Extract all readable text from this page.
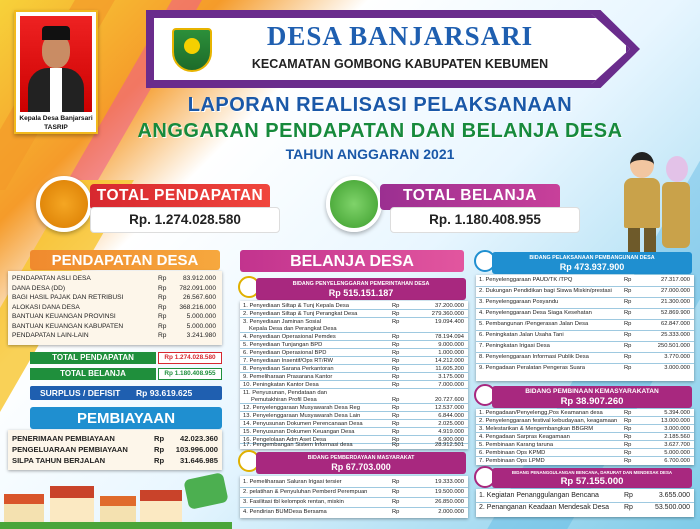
Kepala Desa Banjarsari
TASRIP
DESA BANJARSARI
KECAMATAN GOMBONG KABUPATEN KEBUMEN
LAPORAN REALISASI PELAKSANAAN
ANGGARAN PENDAPATAN DAN BELANJA DESA
TAHUN ANGGARAN 2021
TOTAL PENDAPATAN
Rp. 1.274.028.580
TOTAL BELANJA
Rp. 1.180.408.955
PENDAPATAN DESA
PENDAPATAN ASLI DESA	Rp	83.912.000
DANA DESA (DD)	Rp	782.091.000
BAGI HASIL PAJAK DAN RETRIBUSI	Rp	26.567.600
ALOKASI DANA DESA	Rp	368.216.000
BANTUAN KEUANGAN PROVINSI	Rp	5.000.000
BANTUAN KEUANGAN KABUPATEN	Rp	5.000.000
PENDAPATAN LAIN-LAIN	Rp	3.241.980
TOTAL PENDAPATAN	Rp 1.274.028.580
TOTAL BELANJA	Rp 1.180.408.955
SURPLUS / DEFISIT Rp 93.619.625
PEMBIAYAAN
PENERIMAAN PEMBIAYAAN	Rp	42.023.360
PENGELUARAAN PEMBIAYAAN	Rp	103.996.000
SILPA TAHUN BERJALAN	Rp	31.646.985
BELANJA DESA
BIDANG PENYELENGGARAN PEMERINTAHAN DESA
Rp 515.151.187
1. Penyediaan Siltap & Tunj Kepala Desa	Rp	37.200.000
2. Penyediaan Siltap & Tunj Perangkat Desa	Rp	279.360.000
3. Penyediaan Jaminan Sosial
Kepala Desa dan Perangkat Desa
Rp	19.094.400
4. Penyediaan Operasional Pemdes	Rp	78.194.094
5. Penyediaan Tunjangan BPD	Rp	9.000.000
6. Penyediaan Operasional BPD	Rp	1.000.000
7. Penyediaan Insentif/Ops RT/RW	Rp	14.212.000
8. Penyediaan Sarana Perkantoran	Rp	11.605.200
9. Pemeliharaan Prasarana Kantor	Rp	3.175.000
10. Peningkatan Kantor Desa	Rp	7.000.000
11. Penyusunan, Pendataan dan
Pemutakhiran Profil Desa	Rp	20.727.600
12. Penyelenggaraan Musyawarah Desa Reg	Rp	12.537.000
13. Penyelenggaraan Musyawarah Desa Lain	Rp	6.844.000
14. Penyusunan Dokumen Perencanaan Desa	Rp	2.025.000
15. Penyusunan Dokumen Keuangan Desa	Rp	4.919.000
16. Pengelolaan Adm Aset Desa	Rp	6.900.000
17. Pengembangan Sistem Informasi desa	Rp	28.912.501
BIDANG PEMBERDAYAAN MASYARAKAT
Rp 67.703.000
1. Pemeliharaan Saluran Irigasi tersier	Rp	19.333.000
2. pelatihan & Penyuluhan Pemberd Perempuan	Rp	19.500.000
3. Fasilitasi tbl kelompok rentan, miskin	Rp	26.850.000
4. Pendirian BUMDesa Bersama	Rp	2.000.000
BIDANG PELAKSANAAN PEMBANGUNAN DESA
Rp 473.937.900
1. Penyelenggaraan PAUD/TK /TPQ	Rp	27.317.000
2. Dukungan Pendidikan bagi Siswa Miskin/prestasi Rp	27.000.000
3. Penyelenggaraan Posyandu	Rp	21.300.000
4. Penyelenggaraan Desa Siaga Kesehatan	Rp	52.869.900
5. Pembangunan /Pengerasan Jalan Desa	Rp	62.847.000
6. Peningkatan Jalan Usaha Tani	Rp	25.333.000
7. Peningkatan Irigasi Desa	Rp	250.501.000
8. Penyelenggaraan Informasi Publik Desa	Rp	3.770.000
9. Pengadaan Peralatan Pengeras Suara	Rp	3.000.000
BIDANG PEMBINAAN KEMASYARAKATAN
Rp 38.907.260
1. Pengadaan/Penyelengg,Pos Keamanan desa	Rp	5.394.000
2. Penyelenggaraan festival kebudayaan, keagamaan Rp	13.000.000
3. Melestarikan & Mengembangkan BBGRM	Rp	3.000.000
4. Pengadaan Sarpras Keagamaan	Rp	2.185.560
5. Pembinaan Karang taruna	Rp	3.627.700
6. Pembinaan Ops KPMD	Rp	5.000.000
7. Pembinaan Ops LPMD	Rp	6.700.000
BIDANG PENANGGULANGAN BENCANA, DARURAT DAN MENDESAK DESA
Rp 57.155.000
1. Kegiatan Penanggulangan Bencana	Rp	3.655.000
2. Penanganan Keadaan Mendesak Desa Rp	53.500.000
